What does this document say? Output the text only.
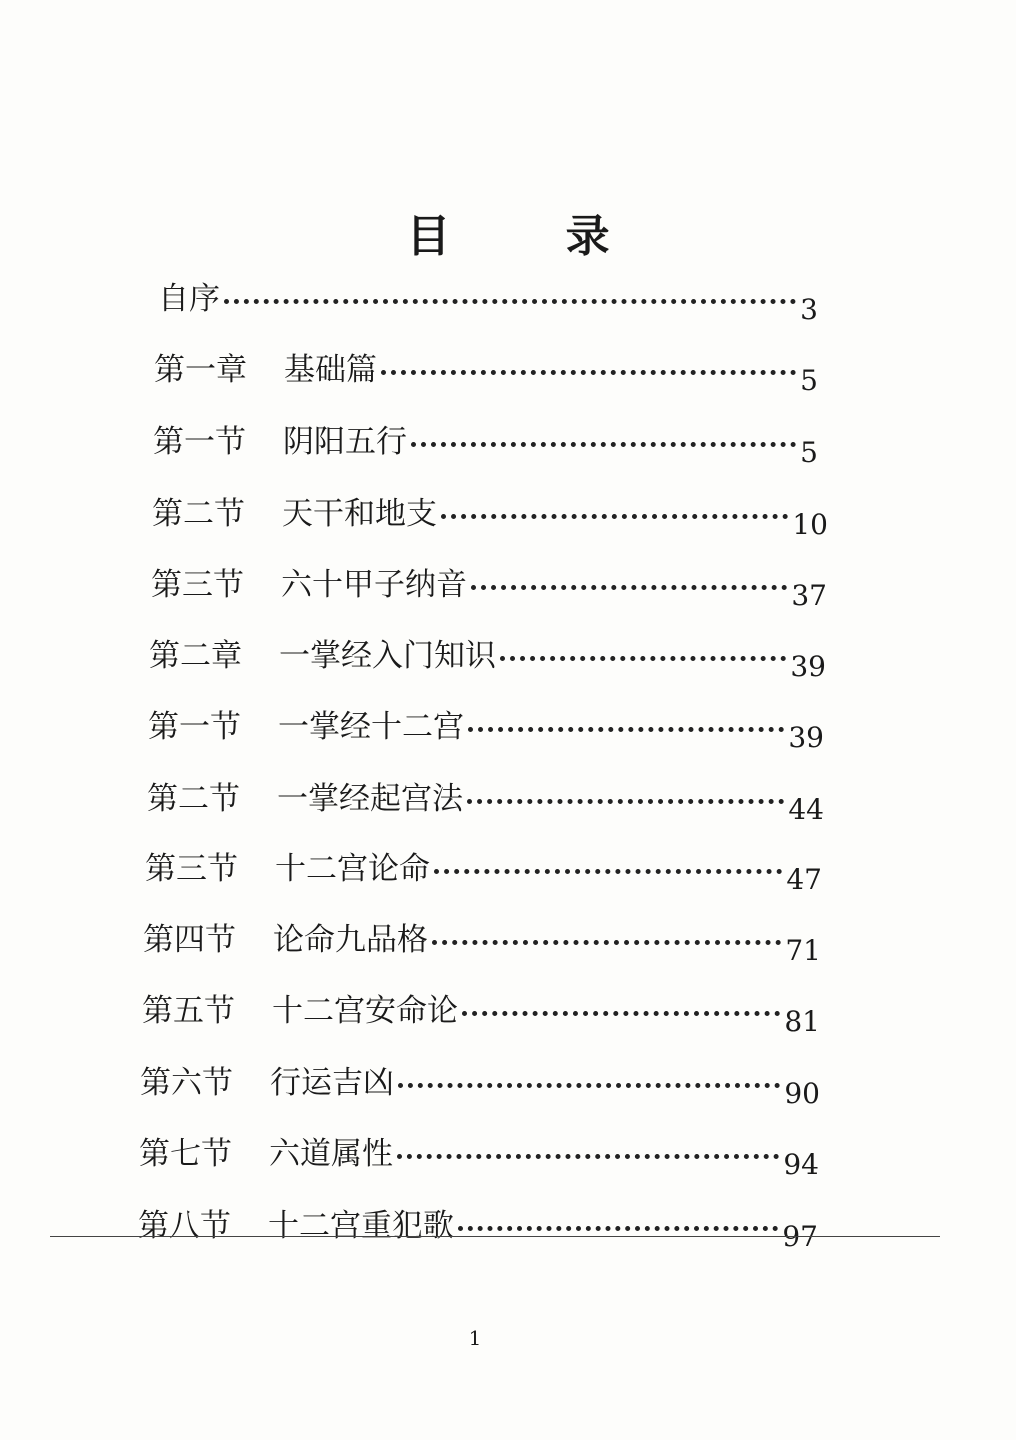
目 录
自序	3
第一章	基础篇	5
第一节	阴阳五行	5
第二节	天干和地支	10
第三节	六十甲子纳音	37
第二章	一掌经入门知识	39
第一节	一掌经十二宫	39
第二节	一掌经起宫法	44
第三节	十二宫论命	47
第四节	论命九品格	71
第五节	十二宫安命论	81
第六节	行运吉凶	90
第七节	六道属性	94
第八节	十二宫重犯歌	97
1
